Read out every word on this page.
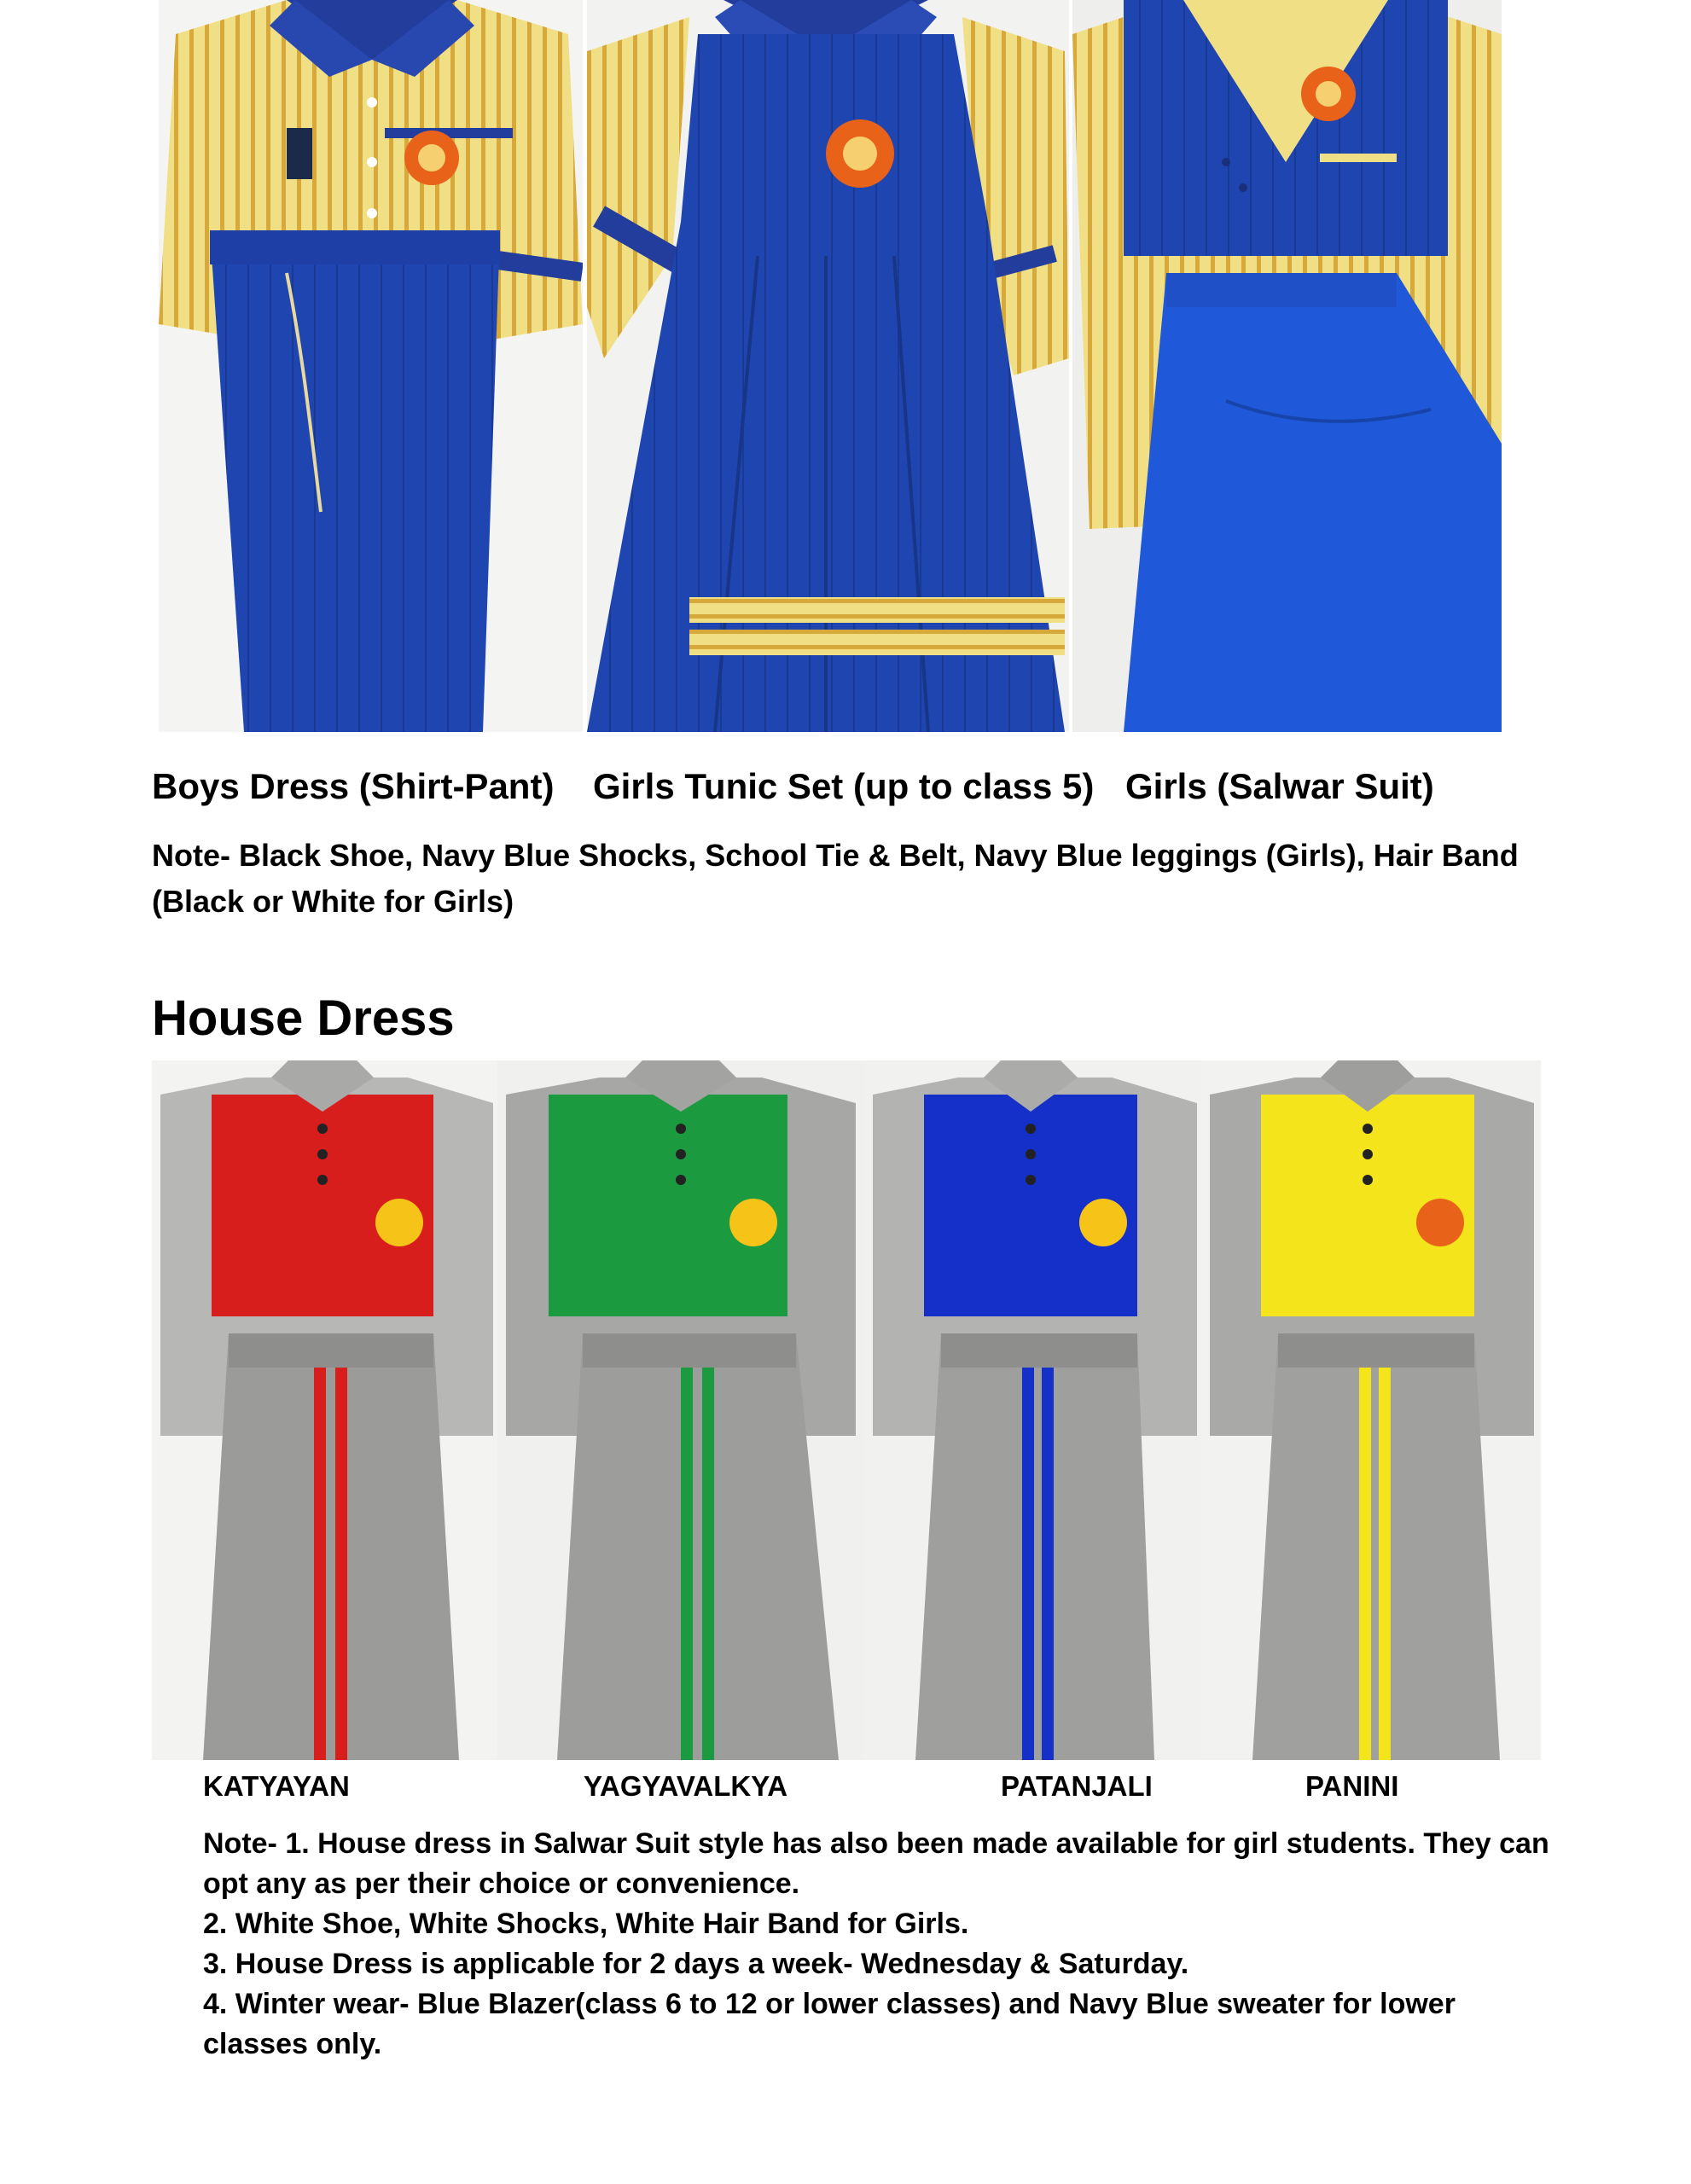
Boys Dress (Shirt-Pant) Girls Tunic Set (up to class 5) Girls (Salwar Suit)
Note- Black Shoe, Navy Blue Shocks, School Tie & Belt, Navy Blue leggings (Girls), Hair Band (Black or White for Girls)
House Dress
KATYAYAN	YAGYAVALKYA	PATANJALI	PANINI

Note- 1. House dress in Salwar Suit style has also been made available for girl students. They can opt any as per their choice or convenience.

2. White Shoe, White Shocks, White Hair Band for Girls.

3. House Dress is applicable for 2 days a week- Wednesday & Saturday.

4. Winter wear- Blue Blazer(class 6 to 12 or lower classes) and Navy Blue sweater for lower classes only.
